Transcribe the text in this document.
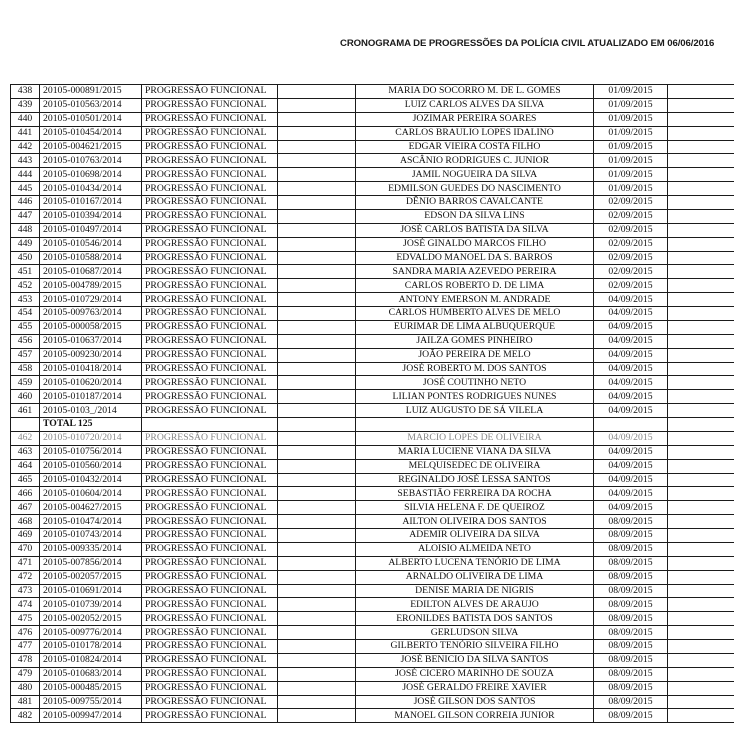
CRONOGRAMA DE PROGRESSÕES DA POLÍCIA CIVIL ATUALIZADO EM 06/06/2016
438	20105-000891/2015	PROGRESSÃO FUNCIONAL		MARIA DO SOCORRO M. DE L. GOMES	01/09/2015	
439	20105-010563/2014	PROGRESSÃO FUNCIONAL		LUIZ CARLOS ALVES DA SILVA	01/09/2015	
440	20105-010501/2014	PROGRESSÃO FUNCIONAL		JOZIMAR PEREIRA SOARES	01/09/2015	
441	20105-010454/2014	PROGRESSÃO FUNCIONAL		CARLOS BRAULIO LOPES IDALINO	01/09/2015	
442	20105-004621/2015	PROGRESSÃO FUNCIONAL		EDGAR VIEIRA COSTA FILHO	01/09/2015	
443	20105-010763/2014	PROGRESSÃO FUNCIONAL		ASCÂNIO RODRIGUES C. JUNIOR	01/09/2015	
444	20105-010698/2014	PROGRESSÃO FUNCIONAL		JAMIL NOGUEIRA DA SILVA	01/09/2015	
445	20105-010434/2014	PROGRESSÃO FUNCIONAL		EDMILSON GUEDES DO NASCIMENTO	01/09/2015	
446	20105-010167/2014	PROGRESSÃO FUNCIONAL		DÊNIO BARROS CAVALCANTE	02/09/2015	
447	20105-010394/2014	PROGRESSÃO FUNCIONAL		EDSON DA SILVA LINS	02/09/2015	
448	20105-010497/2014	PROGRESSÃO FUNCIONAL		JOSÉ CARLOS BATISTA DA SILVA	02/09/2015	
449	20105-010546/2014	PROGRESSÃO FUNCIONAL		JOSÉ GINALDO MARCOS FILHO	02/09/2015	
450	20105-010588/2014	PROGRESSÃO FUNCIONAL		EDVALDO MANOEL DA S. BARROS	02/09/2015	
451	20105-010687/2014	PROGRESSÃO FUNCIONAL		SANDRA MARIA AZEVEDO PEREIRA	02/09/2015	
452	20105-004789/2015	PROGRESSÃO FUNCIONAL		CARLOS ROBERTO D. DE LIMA	02/09/2015	
453	20105-010729/2014	PROGRESSÃO FUNCIONAL		ANTONY EMERSON M. ANDRADE	04/09/2015	
454	20105-009763/2014	PROGRESSÃO FUNCIONAL		CARLOS HUMBERTO ALVES DE MELO	04/09/2015	
455	20105-000058/2015	PROGRESSÃO FUNCIONAL		EURIMAR DE LIMA ALBUQUERQUE	04/09/2015	
456	20105-010637/2014	PROGRESSÃO FUNCIONAL		JAILZA GOMES PINHEIRO	04/09/2015	
457	20105-009230/2014	PROGRESSÃO FUNCIONAL		JOÃO PEREIRA DE MELO	04/09/2015	
458	20105-010418/2014	PROGRESSÃO FUNCIONAL		JOSÉ ROBERTO M. DOS SANTOS	04/09/2015	
459	20105-010620/2014	PROGRESSÃO FUNCIONAL		JOSÉ COUTINHO NETO	04/09/2015	
460	20105-010187/2014	PROGRESSÃO FUNCIONAL		LILIAN PONTES RODRIGUES NUNES	04/09/2015	
461	20105-0103_/2014	PROGRESSÃO FUNCIONAL		LUIZ AUGUSTO DE SÁ VILELA	04/09/2015	
	TOTAL 125					
462	20105-010720/2014	PROGRESSÃO FUNCIONAL		MARCIO LOPES DE OLIVEIRA	04/09/2015	
463	20105-010756/2014	PROGRESSÃO FUNCIONAL		MARIA LUCIENE VIANA DA SILVA	04/09/2015	
464	20105-010560/2014	PROGRESSÃO FUNCIONAL		MELQUISEDEC DE OLIVEIRA	04/09/2015	
465	20105-010432/2014	PROGRESSÃO FUNCIONAL		REGINALDO JOSÉ LESSA SANTOS	04/09/2015	
466	20105-010604/2014	PROGRESSÃO FUNCIONAL		SEBASTIÃO FERREIRA DA ROCHA	04/09/2015	
467	20105-004627/2015	PROGRESSÃO FUNCIONAL		SILVIA HELENA F. DE QUEIROZ	04/09/2015	
468	20105-010474/2014	PROGRESSÃO FUNCIONAL		AILTON OLIVEIRA DOS SANTOS	08/09/2015	
469	20105-010743/2014	PROGRESSÃO FUNCIONAL		ADEMIR OLIVEIRA DA SILVA	08/09/2015	
470	20105-009335/2014	PROGRESSÃO FUNCIONAL		ALOISIO ALMEIDA NETO	08/09/2015	
471	20105-007856/2014	PROGRESSÃO FUNCIONAL		ALBERTO LUCENA TENÓRIO DE LIMA	08/09/2015	
472	20105-002057/2015	PROGRESSÃO FUNCIONAL		ARNALDO OLIVEIRA DE LIMA	08/09/2015	
473	20105-010691/2014	PROGRESSÃO FUNCIONAL		DENISE MARIA DE NIGRIS	08/09/2015	
474	20105-010739/2014	PROGRESSÃO FUNCIONAL		EDILTON ALVES DE ARAUJO	08/09/2015	
475	20105-002052/2015	PROGRESSÃO FUNCIONAL		ERONILDES BATISTA DOS SANTOS	08/09/2015	
476	20105-009776/2014	PROGRESSÃO FUNCIONAL		GERLUDSON SILVA	08/09/2015	
477	20105-010178/2014	PROGRESSÃO FUNCIONAL		GILBERTO TENÓRIO SILVEIRA FILHO	08/09/2015	
478	20105-010824/2014	PROGRESSÃO FUNCIONAL		JOSÉ BENICIO DA SILVA SANTOS	08/09/2015	
479	20105-010683/2014	PROGRESSÃO FUNCIONAL		JOSÉ CICERO MARINHO DE SOUZA	08/09/2015	
480	20105-000485/2015	PROGRESSÃO FUNCIONAL		JOSÉ GERALDO FREIRE XAVIER	08/09/2015	
481	20105-009755/2014	PROGRESSÃO FUNCIONAL		JOSÉ GILSON DOS SANTOS	08/09/2015	
482	20105-009947/2014	PROGRESSÃO FUNCIONAL		MANOEL GILSON CORREIA JUNIOR	08/09/2015	
